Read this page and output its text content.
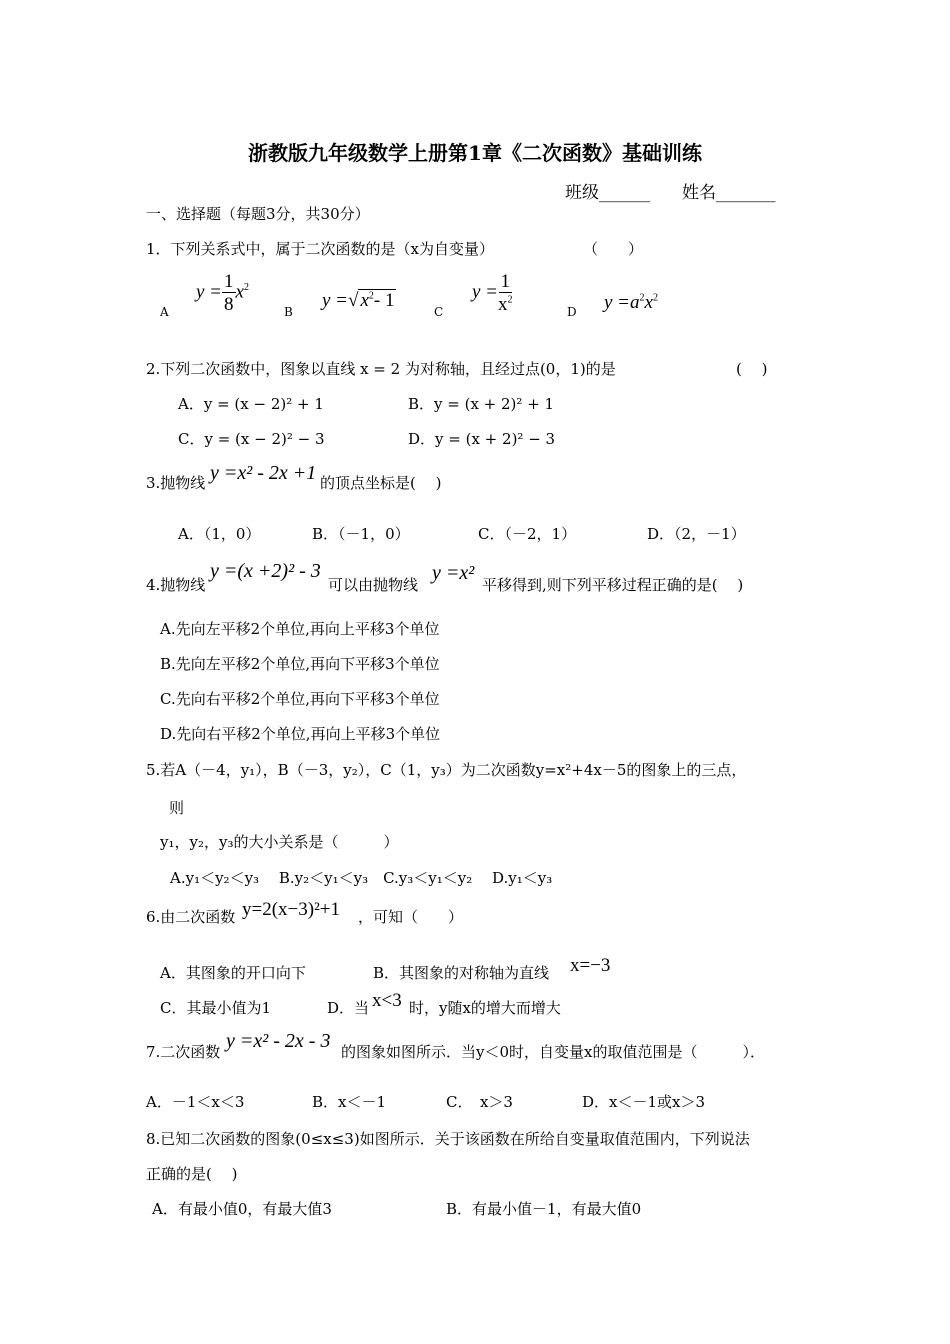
浙教版九年级数学上册第1章《二次函数》基础训练
班级______ 姓名_______
一、选择题（每题3分，共30分）
1．下列关系式中，属于二次函数的是（x为自变量）	（　　）
A
$y = \frac{1}{8} x^2$
B
y =√ $x^2-$ 1
C
$y = \frac{1}{x^2}$	D $y =a^2x^2$
2.下列二次函数中，图象以直线 x = 2 为对称轴，且经过点(0，1)的是	(　 )
A．y = (x − 2)² + 1	B．y = (x + 2)² + 1
C．y = (x − 2)² − 3	D．y = (x + 2)² − 3
3.抛物线 y =x² - 2x +1 的顶点坐标是(　 )
A．（1，0）	B．（－1，0）	C．（－2，1）	D．（2，－1）
4.抛物线
y =(x +2)² - 3
可以由抛物线
y =x²
平移得到,则下列平移过程正确的是(　 )
A.先向左平移2个单位,再向上平移3个单位
B.先向左平移2个单位,再向下平移3个单位
C.先向右平移2个单位,再向下平移3个单位
D.先向右平移2个单位,再向上平移3个单位
5.若A（－4，y₁），B（－3，y₂），C（1，y₃）为二次函数y=x²+4x－5的图象上的三点，
则
y₁，y₂，y₃的大小关系是（　　　）
A.y₁＜y₂＜y₃　 B.y₂＜y₁＜y₃　C.y₃＜y₁＜y₂　 D.y₁＜y₃
6.由二次函数 y=2(x−3)²+1 ，可知（　　）
A．其图象的开口向下	B．其图象的对称轴为直线 x=−3
C．其最小值为1	D．当 x<3 时，y随x的增大而增大
7.二次函数 y =x² - 2x - 3 的图象如图所示．当y＜0时，自变量x的取值范围是（　　　）．
A．－1＜x＜3	B．x＜－1	C．　x＞3	D．x＜－1或x＞3
8.已知二次函数的图象(0≤x≤3)如图所示．关于该函数在所给自变量取值范围内，下列说法
正确的是(　 )
A．有最小值0，有最大值3	B．有最小值－1，有最大值0
